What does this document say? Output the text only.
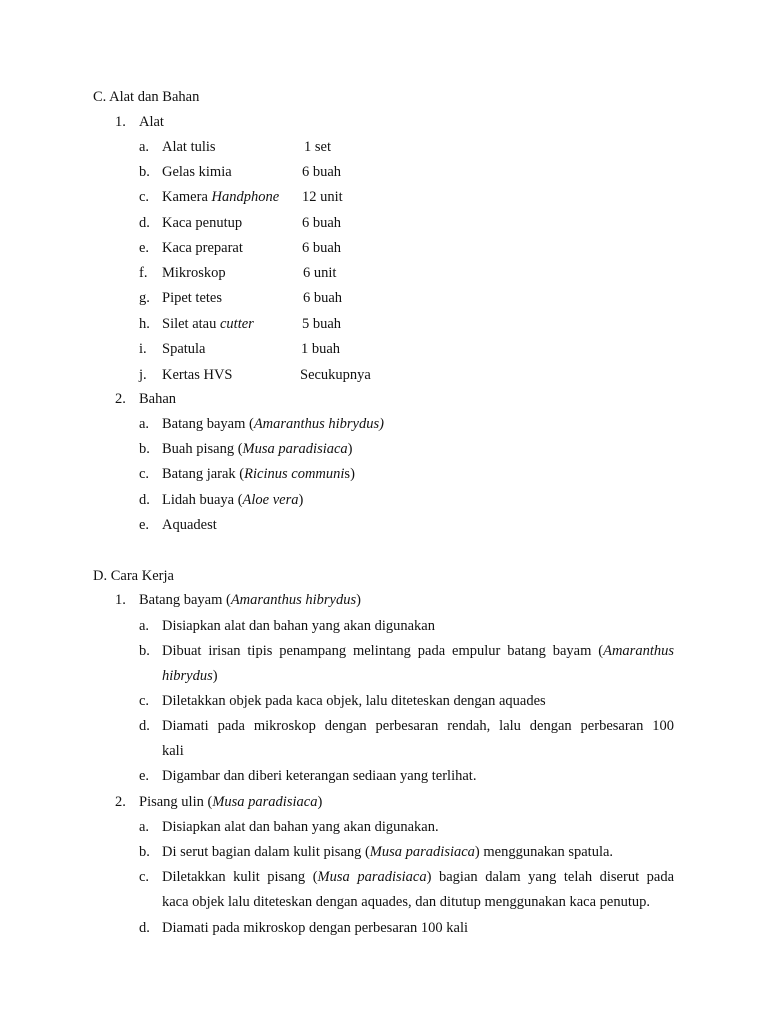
C. Alat dan Bahan
1. Alat
a. Alat tulis	1 set
b. Gelas kimia	6 buah
c. Kamera Handphone 12 unit
d. Kaca penutup	6 buah
e. Kaca preparat	6 buah
f. Mikroskop	6 unit
g. Pipet tetes	6 buah
h. Silet atau cutter	5 buah
i. Spatula	1 buah
j. Kertas HVS	Secukupnya
2. Bahan
a. Batang bayam (Amaranthus hibrydus)
b. Buah pisang (Musa paradisiaca)
c. Batang jarak (Ricinus communis)
d. Lidah buaya (Aloe vera)
e. Aquadest
D. Cara Kerja
1. Batang bayam (Amaranthus hibrydus)
a. Disiapkan alat dan bahan yang akan digunakan
b. Dibuat irisan tipis penampang melintang pada empulur batang bayam (Amaranthus
hibrydus)
c. Diletakkan objek pada kaca objek, lalu diteteskan dengan aquades
d. Diamati pada mikroskop dengan perbesaran rendah, lalu dengan perbesaran 100
kali
e. Digambar dan diberi keterangan sediaan yang terlihat.
2. Pisang ulin (Musa paradisiaca)
a. Disiapkan alat dan bahan yang akan digunakan.
b. Di serut bagian dalam kulit pisang (Musa paradisiaca) menggunakan spatula.
c. Diletakkan kulit pisang (Musa paradisiaca) bagian dalam yang telah diserut pada
kaca objek lalu diteteskan dengan aquades, dan ditutup menggunakan kaca penutup.
d. Diamati pada mikroskop dengan perbesaran 100 kali
